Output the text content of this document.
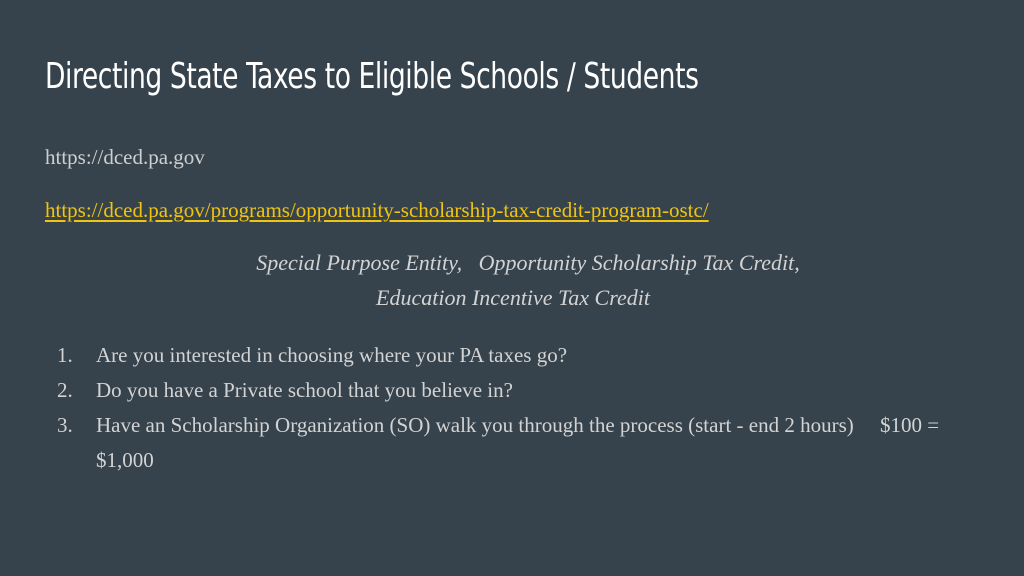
Directing State Taxes to Eligible Schools / Students
https://dced.pa.gov
https://dced.pa.gov/programs/opportunity-scholarship-tax-credit-program-ostc/
Special Purpose Entity,   Opportunity Scholarship Tax Credit,
Education Incentive Tax Credit
1.	Are you interested in choosing where your PA taxes go?
2.	Do you have a Private school that you believe in?
3.	Have an Scholarship Organization (SO) walk you through the process (start - end 2 hours)     $100 = $1,000
